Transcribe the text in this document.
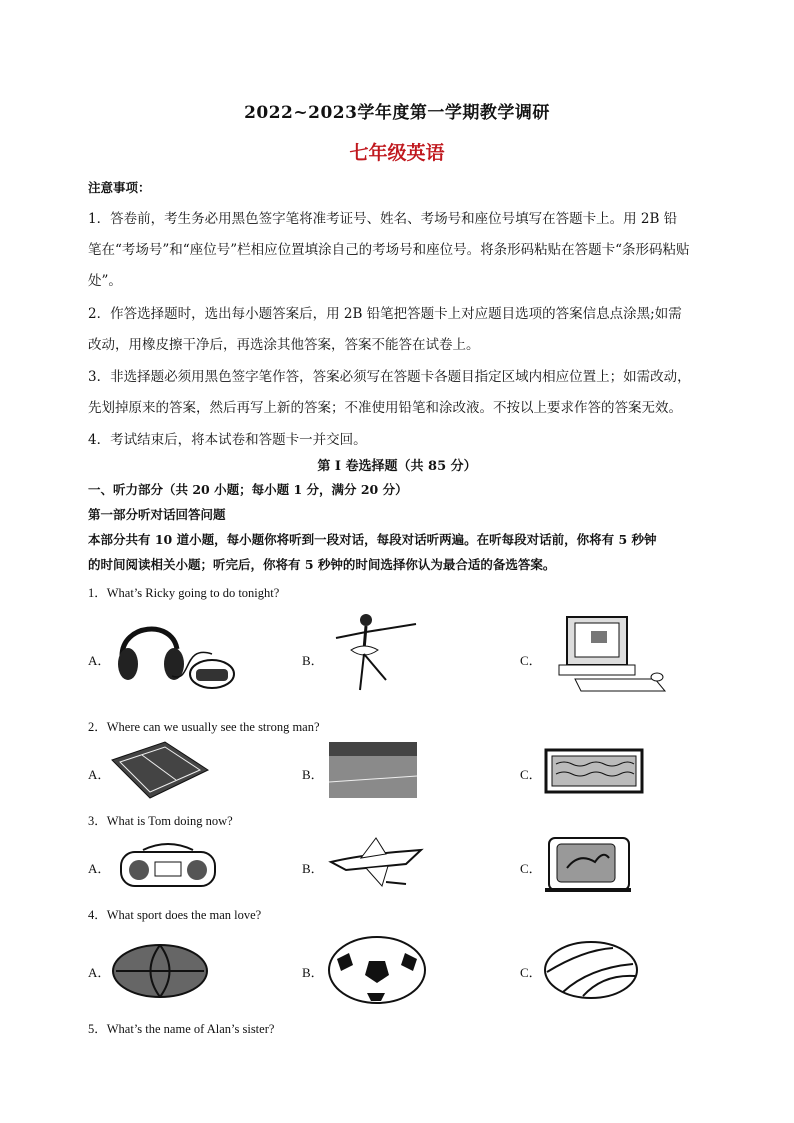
2022~2023学年度第一学期教学调研
七年级英语
注意事项：
1．答卷前，考生务必用黑色签字笔将准考证号、姓名、考场号和座位号填写在答题卡上。用 2B 铅
笔在“考场号”和“座位号”栏相应位置填涂自己的考场号和座位号。将条形码粘贴在答题卡“条形码粘贴
处”。
2．作答选择题时，选出每小题答案后，用 2B 铅笔把答题卡上对应题目选项的答案信息点涂黑;如需
改动，用橡皮擦干净后，再选涂其他答案，答案不能答在试卷上。
3．非选择题必须用黑色签字笔作答，答案必须写在答题卡各题目指定区域内相应位置上；如需改动，
先划掉原来的答案，然后再写上新的答案；不准使用铅笔和涂改液。不按以上要求作答的答案无效。
4．考试结束后，将本试卷和答题卡一并交回。
第 I 卷选择题（共 85 分）
一、听力部分（共 20 小题；每小题 1 分，满分 20 分）
第一部分听对话回答问题
本部分共有 10 道小题，每小题你将听到一段对话，每段对话听两遍。在听每段对话前，你将有 5 秒钟
的时间阅读相关小题；听完后，你将有 5 秒钟的时间选择你认为最合适的备选答案。
1．What’s Ricky going to do tonight?
A．	B．	C．
2．Where can we usually see the strong man?
A．	B．	C．
3．What is Tom doing now?
A．	B．	C．
4．What sport does the man love?
A．	B．	C．
5．What’s the name of Alan’s sister?
